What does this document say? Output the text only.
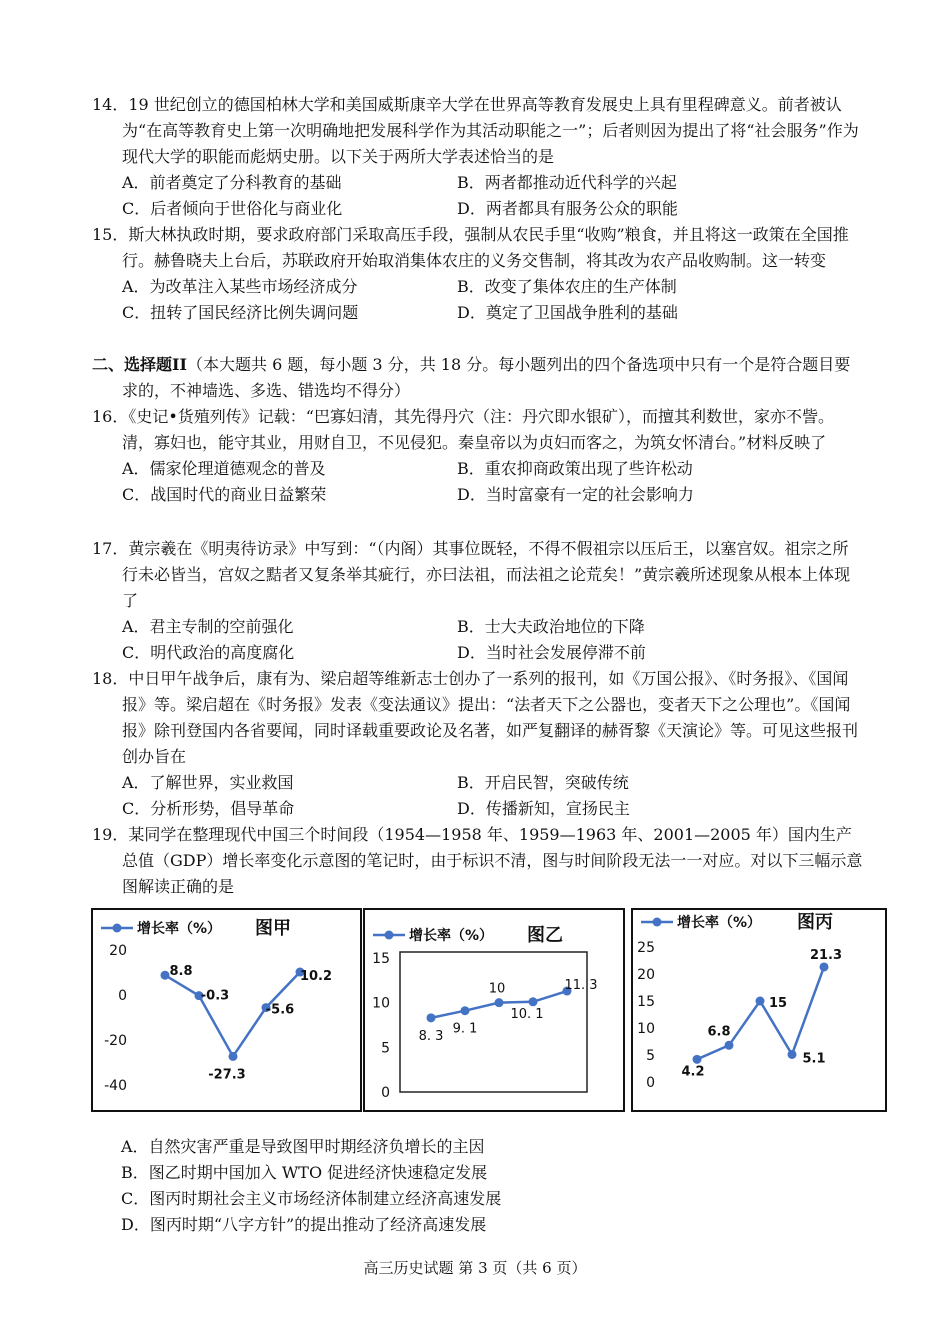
14．19 世纪创立的德国柏林大学和美国威斯康辛大学在世界高等教育发展史上具有里程碑意义。前者被认为“在高等教育史上第一次明确地把发展科学作为其活动职能之一”；后者则因为提出了将“社会服务”作为现代大学的职能而彪炳史册。以下关于两所大学表述恰当的是

A．前者奠定了分科教育的基础	B．两者都推动近代科学的兴起
C．后者倾向于世俗化与商业化	D．两者都具有服务公众的职能

15．斯大林执政时期，要求政府部门采取高压手段，强制从农民手里“收购”粮食，并且将这一政策在全国推行。赫鲁晓夫上台后，苏联政府开始取消集体农庄的义务交售制，将其改为农产品收购制。这一转变

A．为改革注入某些市场经济成分	B．改变了集体农庄的生产体制
C．扭转了国民经济比例失调问题	D．奠定了卫国战争胜利的基础

二、选择题II（本大题共 6 题，每小题 3 分，共 18 分。每小题列出的四个备选项中只有一个是符合题目要求的，不神墙选、多选、错选均不得分）

16．《史记•货殖列传》记载：“巴寡妇清，其先得丹穴（注：丹穴即水银矿），而擅其利数世，家亦不訾。清，寡妇也，能守其业，用财自卫，不见侵犯。秦皇帝以为贞妇而客之，为筑女怀清台。”材料反映了

A．儒家伦理道德观念的普及	B．重农抑商政策出现了些许松动
C．战国时代的商业日益繁荣	D．当时富豪有一定的社会影响力

17．黄宗羲在《明夷待访录》中写到：“（内阁）其事位既轻，不得不假祖宗以压后王，以塞宫奴。祖宗之所行未必皆当，宫奴之黠者又复条举其疵行，亦曰法祖，而法祖之论荒矣！”黄宗羲所述现象从根本上体现了

A．君主专制的空前强化	B．士大夫政治地位的下降
C．明代政治的高度腐化	D．当时社会发展停滞不前

18．中日甲午战争后，康有为、梁启超等维新志士创办了一系列的报刊，如《万国公报》、《时务报》、《国闻报》等。梁启超在《时务报》发表《变法通议》提出：“法者天下之公器也，变者天下之公理也”。《国闻报》除刊登国内各省要闻，同时译载重要政论及名著，如严复翻译的赫胥黎《天演论》等。可见这些报刊创办旨在

A．了解世界，实业救国	B．开启民智，突破传统
C．分析形势，倡导革命	D．传播新知，宣扬民主

19．某同学在整理现代中国三个时间段（1954—1958 年、1959—1963 年、2001—2005 年）国内生产总值（GDP）增长率变化示意图的笔记时，由于标识不清，图与时间阶段无法一一对应。对以下三幅示意图解读正确的是

增长率（%） 图甲
20
0
-20
-40
8.8
-0.3
-27.3
-5.6
10.2
增长率（%） 图乙
15
10
5
0
8. 3 9. 1
10
10. 1
11. 3
增长率（%） 图丙
25
20
15
10
5
0
4.2
6.8
15
5.1
21.3

A．自然灾害严重是导致图甲时期经济负增长的主因

B．图乙时期中国加入 WTO 促进经济快速稳定发展

C．图丙时期社会主义市场经济体制建立经济高速发展

D．图丙时期“八字方针”的提出推动了经济高速发展

高三历史试题 第 3 页（共 6 页）
